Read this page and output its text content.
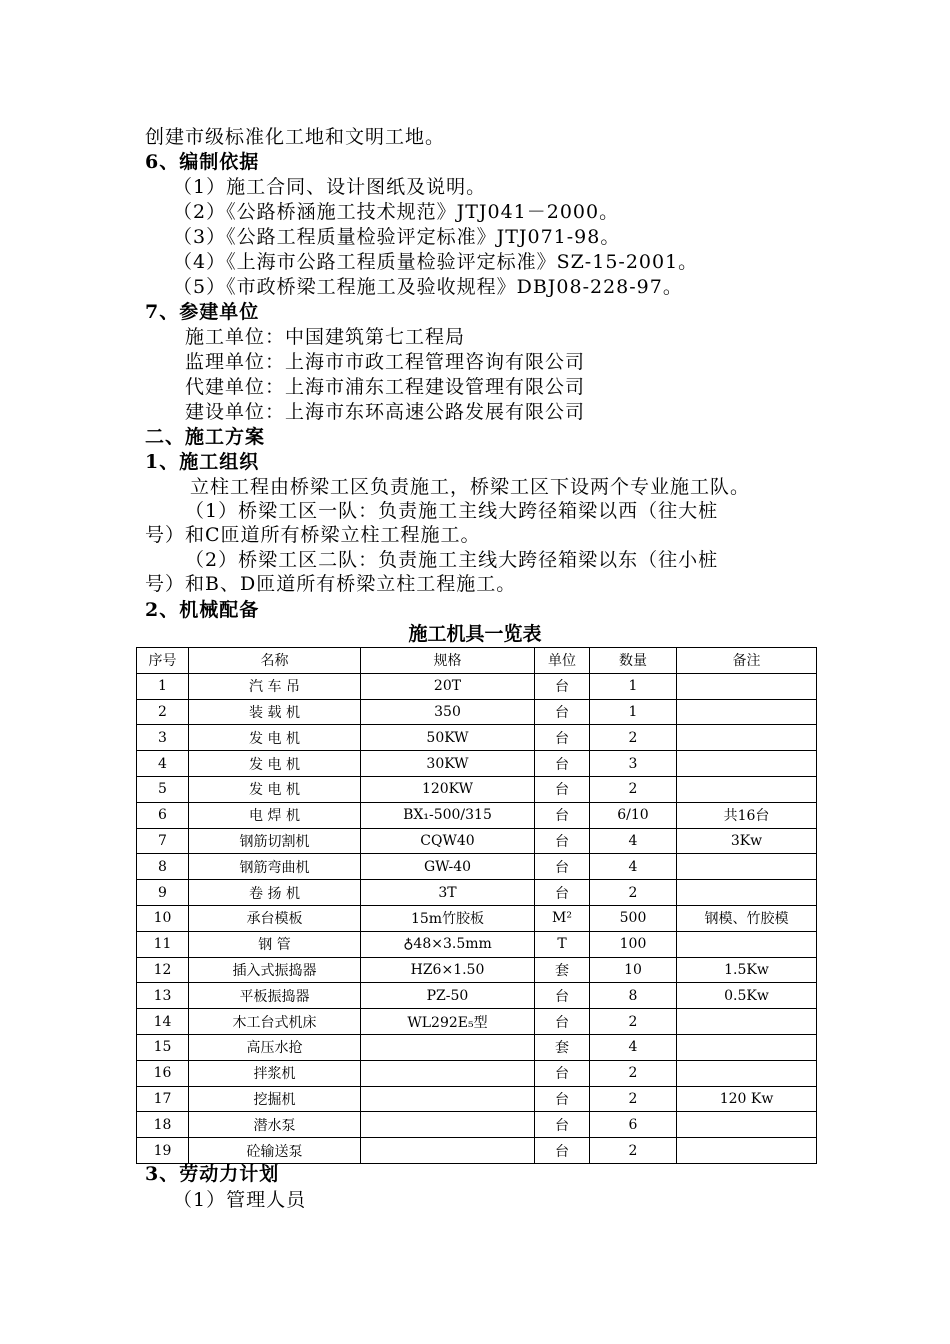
创建市级标准化工地和文明工地。
6、编制依据
（1）施工合同、设计图纸及说明。
（2）《公路桥涵施工技术规范》JTJ041－2000。
（3）《公路工程质量检验评定标准》JTJ071-98。
（4）《上海市公路工程质量检验评定标准》SZ-15-2001。
（5）《市政桥梁工程施工及验收规程》DBJ08-228-97。
7、参建单位
施工单位：中国建筑第七工程局
监理单位：上海市市政工程管理咨询有限公司
代建单位：上海市浦东工程建设管理有限公司
建设单位：上海市东环高速公路发展有限公司
二、施工方案
1、施工组织
立柱工程由桥梁工区负责施工，桥梁工区下设两个专业施工队。
（1）桥梁工区一队：负责施工主线大跨径箱梁以西（往大桩
号）和C匝道所有桥梁立柱工程施工。
（2）桥梁工区二队：负责施工主线大跨径箱梁以东（往小桩
号）和B、D匝道所有桥梁立柱工程施工。
2、机械配备
施工机具一览表
序号	名称	规格	单位	数量	备注
1	汽 车 吊	20T	台	1	
2	装 载 机	350	台	1	
3	发 电 机	50KW	台	2	
4	发 电 机	30KW	台	3	
5	发 电 机	120KW	台	2	
6	电 焊 机	BX₁-500/315	台	6/10	共16台
7	钢筋切割机	CQW40	台	4	3Kw
8	钢筋弯曲机	GW-40	台	4	
9	卷 扬 机	3T	台	2	
10	承台模板	15m竹胶板	M²	500	钢模、竹胶模
11	钢 管	♁48×3.5mm	T	100	
12	插入式振捣器	HZ6×1.50	套	10	1.5Kw
13	平板振捣器	PZ-50	台	8	0.5Kw
14	木工台式机床	WL292E₅型	台	2	
15	高压水抢		套	4	
16	拌浆机		台	2	
17	挖掘机		台	2	120 Kw
18	潜水泵		台	6	
19	砼输送泵		台	2	
3、劳动力计划
（1）管理人员
